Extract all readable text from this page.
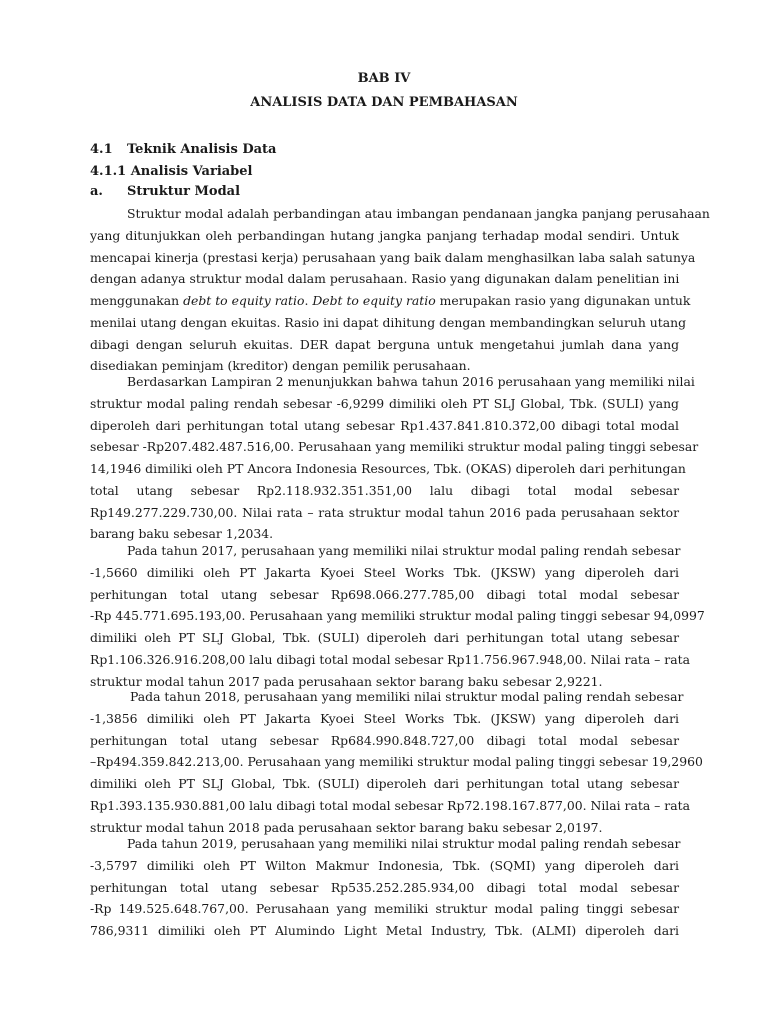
BAB IV
ANALISIS DATA DAN PEMBAHASAN
4.1 Teknik Analisis Data
4.1.1 Analisis Variabel
a. Struktur Modal
Struktur modal adalah perbandingan atau imbangan pendanaan jangka panjang perusahaan
yang ditunjukkan oleh perbandingan hutang jangka panjang terhadap modal sendiri. Untuk
mencapai kinerja (prestasi kerja) perusahaan yang baik dalam menghasilkan laba salah satunya
dengan adanya struktur modal dalam perusahaan. Rasio yang digunakan dalam penelitian ini
menggunakan debt to equity ratio. Debt to equity ratio merupakan rasio yang digunakan untuk
menilai utang dengan ekuitas. Rasio ini dapat dihitung dengan membandingkan seluruh utang
dibagi dengan seluruh ekuitas. DER dapat berguna untuk mengetahui jumlah dana yang
disediakan peminjam (kreditor) dengan pemilik perusahaan.
Berdasarkan Lampiran 2 menunjukkan bahwa tahun 2016 perusahaan yang memiliki nilai
struktur modal paling rendah sebesar -6,9299 dimiliki oleh PT SLJ Global, Tbk. (SULI) yang
diperoleh dari perhitungan total utang sebesar Rp1.437.841.810.372,00 dibagi total modal
sebesar -Rp207.482.487.516,00. Perusahaan yang memiliki struktur modal paling tinggi sebesar
14,1946 dimiliki oleh PT Ancora Indonesia Resources, Tbk. (OKAS) diperoleh dari perhitungan
total utang sebesar Rp2.118.932.351.351,00 lalu dibagi total modal sebesar
Rp149.277.229.730,00. Nilai rata – rata struktur modal tahun 2016 pada perusahaan sektor
barang baku sebesar 1,2034.
Pada tahun 2017, perusahaan yang memiliki nilai struktur modal paling rendah sebesar
-1,5660 dimiliki oleh PT Jakarta Kyoei Steel Works Tbk. (JKSW) yang diperoleh dari
perhitungan total utang sebesar Rp698.066.277.785,00 dibagi total modal sebesar
-Rp 445.771.695.193,00. Perusahaan yang memiliki struktur modal paling tinggi sebesar 94,0997
dimiliki oleh PT SLJ Global, Tbk. (SULI) diperoleh dari perhitungan total utang sebesar
Rp1.106.326.916.208,00 lalu dibagi total modal sebesar Rp11.756.967.948,00. Nilai rata – rata
struktur modal tahun 2017 pada perusahaan sektor barang baku sebesar 2,9221.
Pada tahun 2018, perusahaan yang memiliki nilai struktur modal paling rendah sebesar
-1,3856 dimiliki oleh PT Jakarta Kyoei Steel Works Tbk. (JKSW) yang diperoleh dari
perhitungan total utang sebesar Rp684.990.848.727,00 dibagi total modal sebesar
–Rp494.359.842.213,00. Perusahaan yang memiliki struktur modal paling tinggi sebesar 19,2960
dimiliki oleh PT SLJ Global, Tbk. (SULI) diperoleh dari perhitungan total utang sebesar
Rp1.393.135.930.881,00 lalu dibagi total modal sebesar Rp72.198.167.877,00. Nilai rata – rata
struktur modal tahun 2018 pada perusahaan sektor barang baku sebesar 2,0197.
Pada tahun 2019, perusahaan yang memiliki nilai struktur modal paling rendah sebesar
-3,5797 dimiliki oleh PT Wilton Makmur Indonesia, Tbk. (SQMI) yang diperoleh dari
perhitungan total utang sebesar Rp535.252.285.934,00 dibagi total modal sebesar
-Rp 149.525.648.767,00. Perusahaan yang memiliki struktur modal paling tinggi sebesar
786,9311 dimiliki oleh PT Alumindo Light Metal Industry, Tbk. (ALMI) diperoleh dari
